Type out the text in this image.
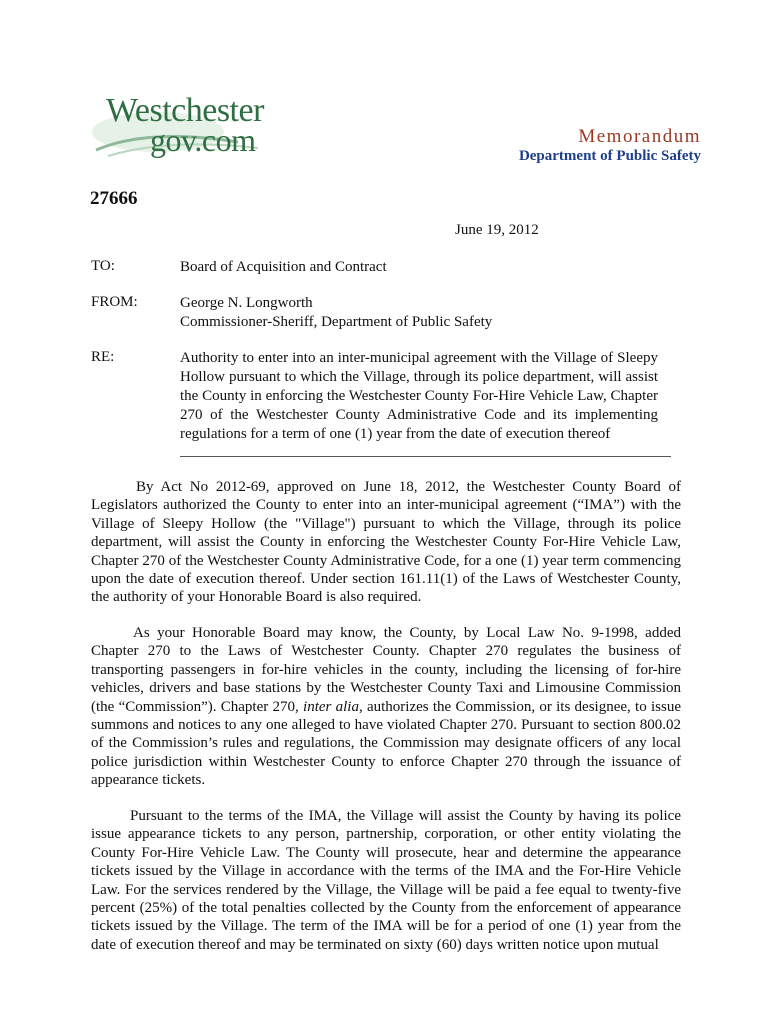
Westchester
gov.com	Memorandum
Department of Public Safety
27666
June 19, 2012
TO:	Board of Acquisition and Contract
FROM:	George N. Longworth
Commissioner-Sheriff, Department of Public Safety
RE:	Authority to enter into an inter-municipal agreement with the Village of Sleepy Hollow pursuant to which the Village, through its police department, will assist the County in enforcing the Westchester County For-Hire Vehicle Law, Chapter 270 of the Westchester County Administrative Code and its implementing regulations for a term of one (1) year from the date of execution thereof

By Act No 2012-69, approved on June 18, 2012, the Westchester County Board of Legislators authorized the County to enter into an inter-municipal agreement (“IMA”) with the Village of Sleepy Hollow (the "Village") pursuant to which the Village, through its police department, will assist the County in enforcing the Westchester County For-Hire Vehicle Law, Chapter 270 of the Westchester County Administrative Code, for a one (1) year term commencing upon the date of execution thereof. Under section 161.11(1) of the Laws of Westchester County, the authority of your Honorable Board is also required.

As your Honorable Board may know, the County, by Local Law No. 9-1998, added Chapter 270 to the Laws of Westchester County. Chapter 270 regulates the business of transporting passengers in for-hire vehicles in the county, including the licensing of for-hire vehicles, drivers and base stations by the Westchester County Taxi and Limousine Commission (the “Commission”). Chapter 270, inter alia, authorizes the Commission, or its designee, to issue summons and notices to any one alleged to have violated Chapter 270. Pursuant to section 800.02 of the Commission’s rules and regulations, the Commission may designate officers of any local police jurisdiction within Westchester County to enforce Chapter 270 through the issuance of appearance tickets.

Pursuant to the terms of the IMA, the Village will assist the County by having its police issue appearance tickets to any person, partnership, corporation, or other entity violating the County For-Hire Vehicle Law. The County will prosecute, hear and determine the appearance tickets issued by the Village in accordance with the terms of the IMA and the For-Hire Vehicle Law. For the services rendered by the Village, the Village will be paid a fee equal to twenty-five percent (25%) of the total penalties collected by the County from the enforcement of appearance tickets issued by the Village. The term of the IMA will be for a period of one (1) year from the date of execution thereof and may be terminated on sixty (60) days written notice upon mutual
